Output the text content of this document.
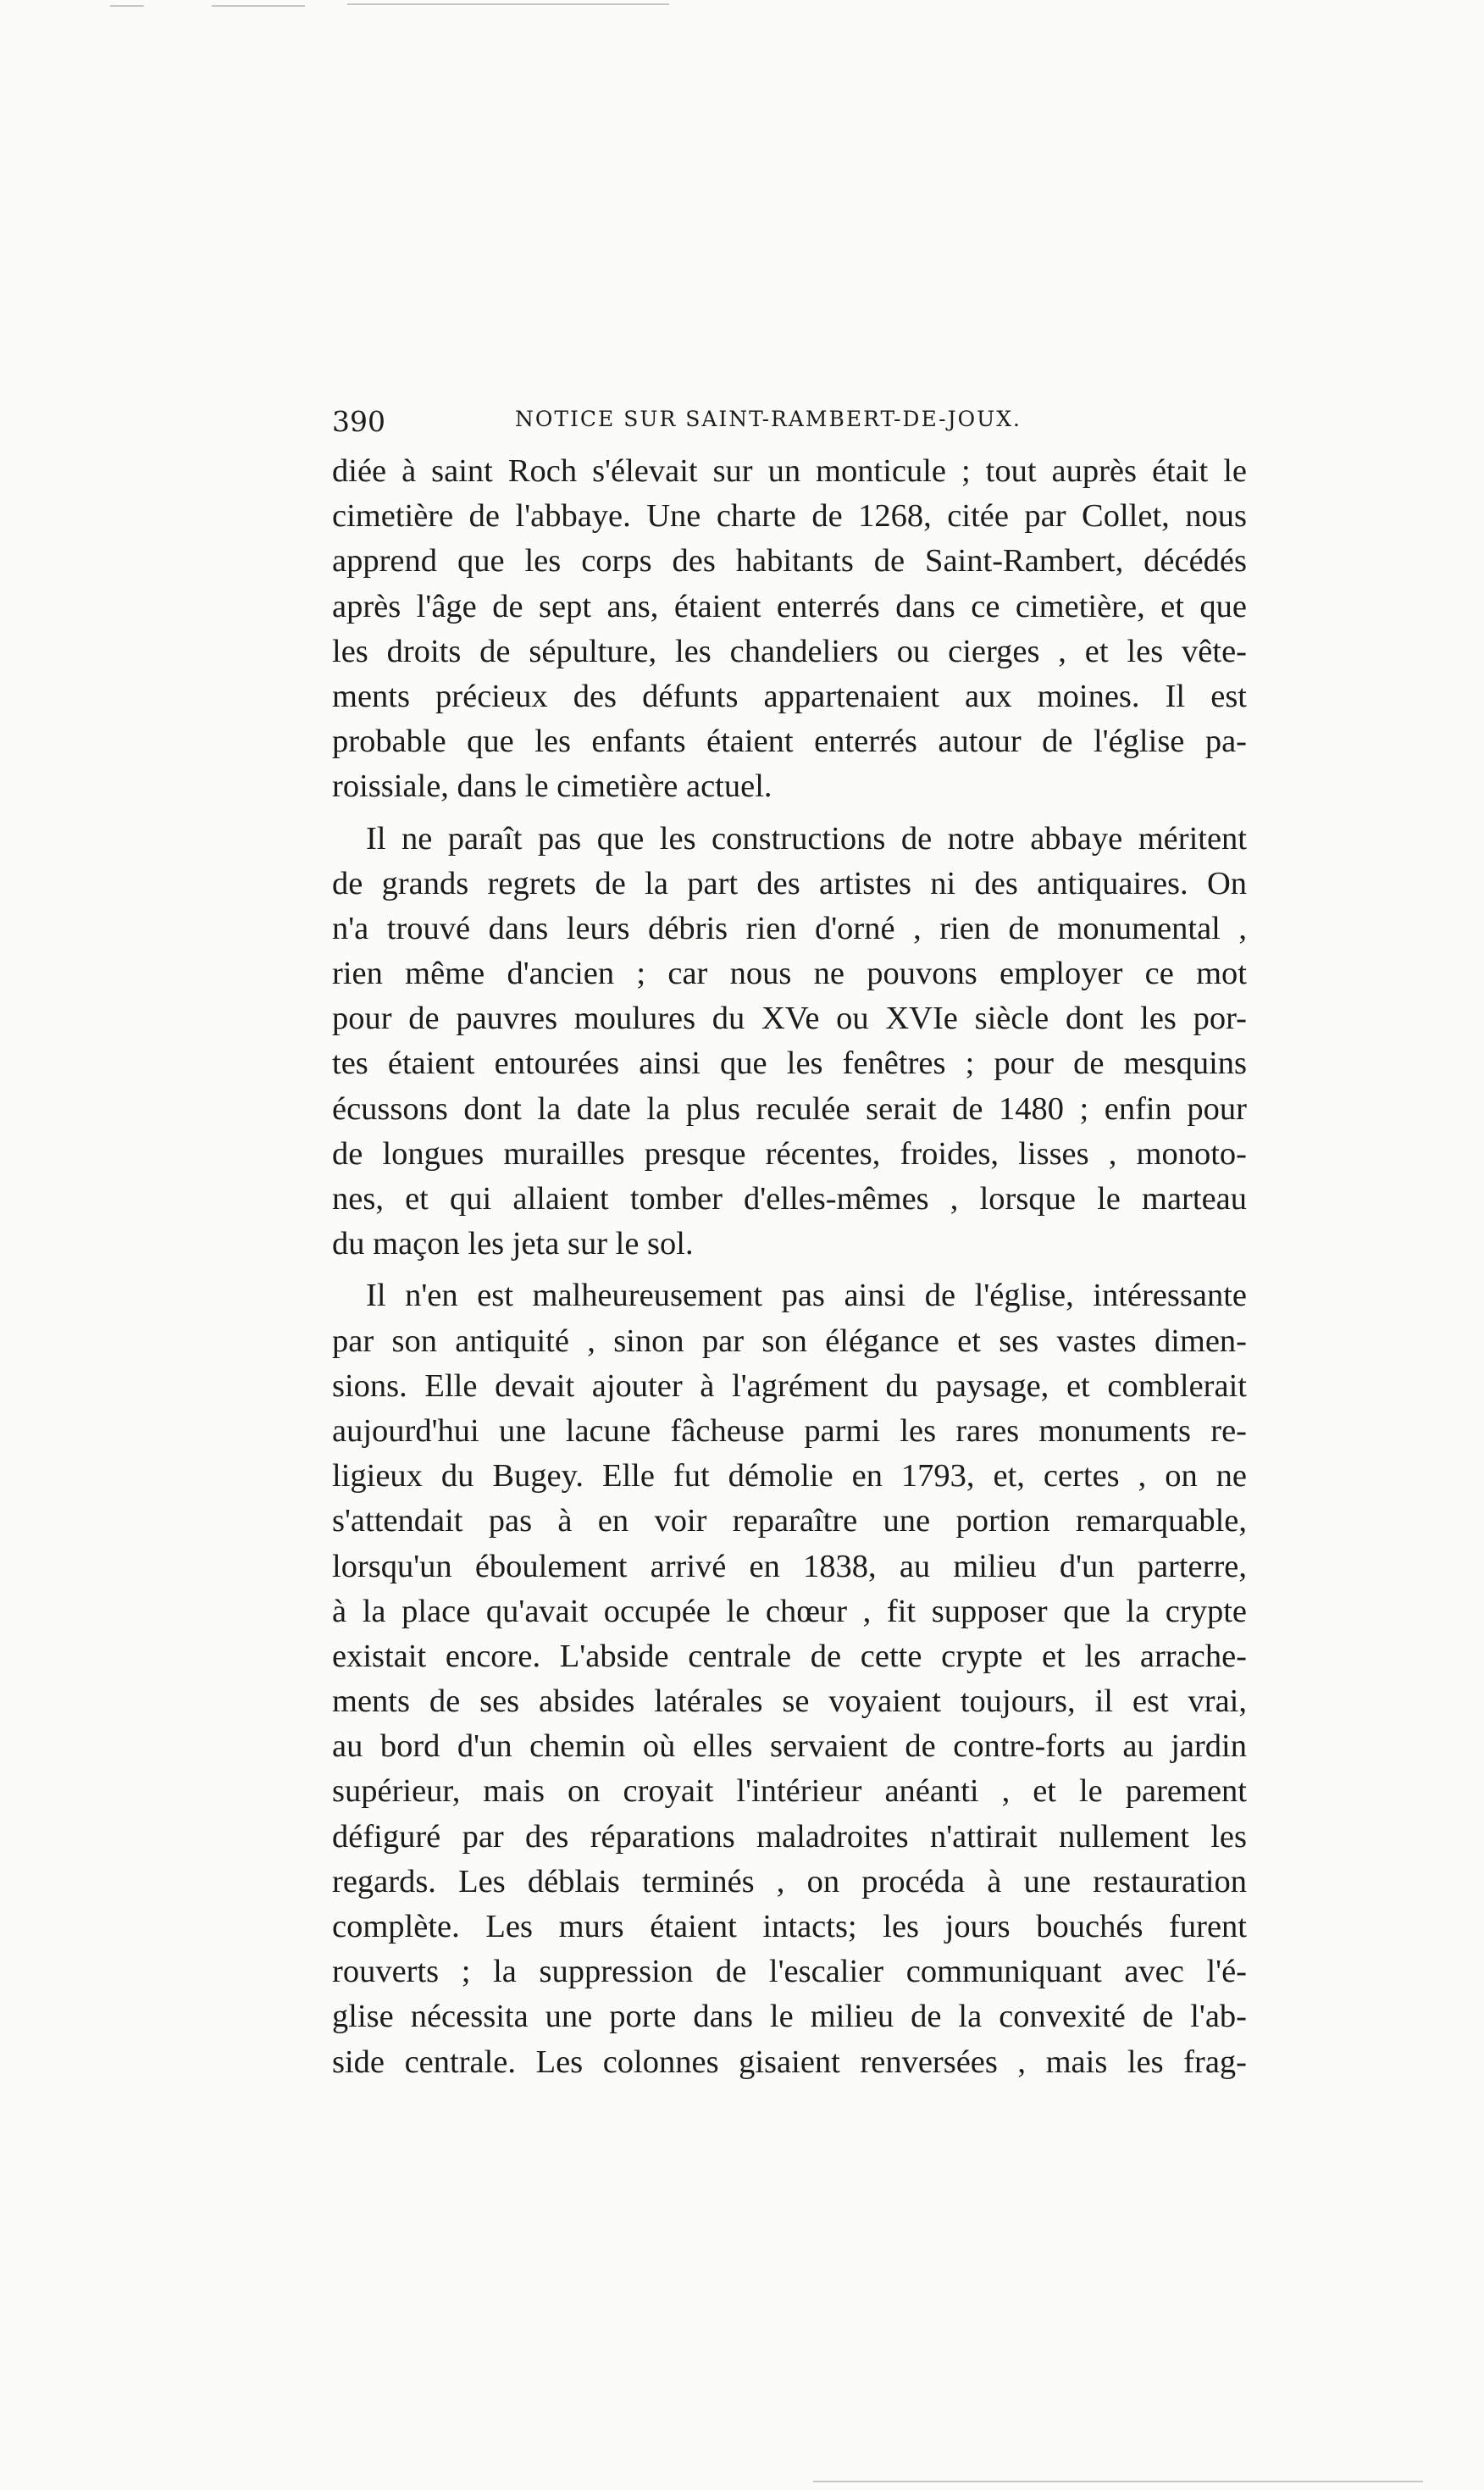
390	NOTICE SUR SAINT-RAMBERT-DE-JOUX.
diée à saint Roch s'élevait sur un monticule ; tout auprès était le
cimetière de l'abbaye. Une charte de 1268, citée par Collet, nous
apprend que les corps des habitants de Saint-Rambert, décédés
après l'âge de sept ans, étaient enterrés dans ce cimetière, et que
les droits de sépulture, les chandeliers ou cierges , et les vête-
ments précieux des défunts appartenaient aux moines. Il est
probable que les enfants étaient enterrés autour de l'église pa-
roissiale, dans le cimetière actuel.
Il ne paraît pas que les constructions de notre abbaye méritent
de grands regrets de la part des artistes ni des antiquaires. On
n'a trouvé dans leurs débris rien d'orné , rien de monumental ,
rien même d'ancien ; car nous ne pouvons employer ce mot
pour de pauvres moulures du XVe ou XVIe siècle dont les por-
tes étaient entourées ainsi que les fenêtres ; pour de mesquins
écussons dont la date la plus reculée serait de 1480 ; enfin pour
de longues murailles presque récentes, froides, lisses , monoto-
nes, et qui allaient tomber d'elles-mêmes , lorsque le marteau
du maçon les jeta sur le sol.
Il n'en est malheureusement pas ainsi de l'église, intéressante
par son antiquité , sinon par son élégance et ses vastes dimen-
sions. Elle devait ajouter à l'agrément du paysage, et comblerait
aujourd'hui une lacune fâcheuse parmi les rares monuments re-
ligieux du Bugey. Elle fut démolie en 1793, et, certes , on ne
s'attendait pas à en voir reparaître une portion remarquable,
lorsqu'un éboulement arrivé en 1838, au milieu d'un parterre,
à la place qu'avait occupée le chœur , fit supposer que la crypte
existait encore. L'abside centrale de cette crypte et les arrache-
ments de ses absides latérales se voyaient toujours, il est vrai,
au bord d'un chemin où elles servaient de contre-forts au jardin
supérieur, mais on croyait l'intérieur anéanti , et le parement
défiguré par des réparations maladroites n'attirait nullement les
regards. Les déblais terminés , on procéda à une restauration
complète. Les murs étaient intacts; les jours bouchés furent
rouverts ; la suppression de l'escalier communiquant avec l'é-
glise nécessita une porte dans le milieu de la convexité de l'ab-
side centrale. Les colonnes gisaient renversées , mais les frag-
